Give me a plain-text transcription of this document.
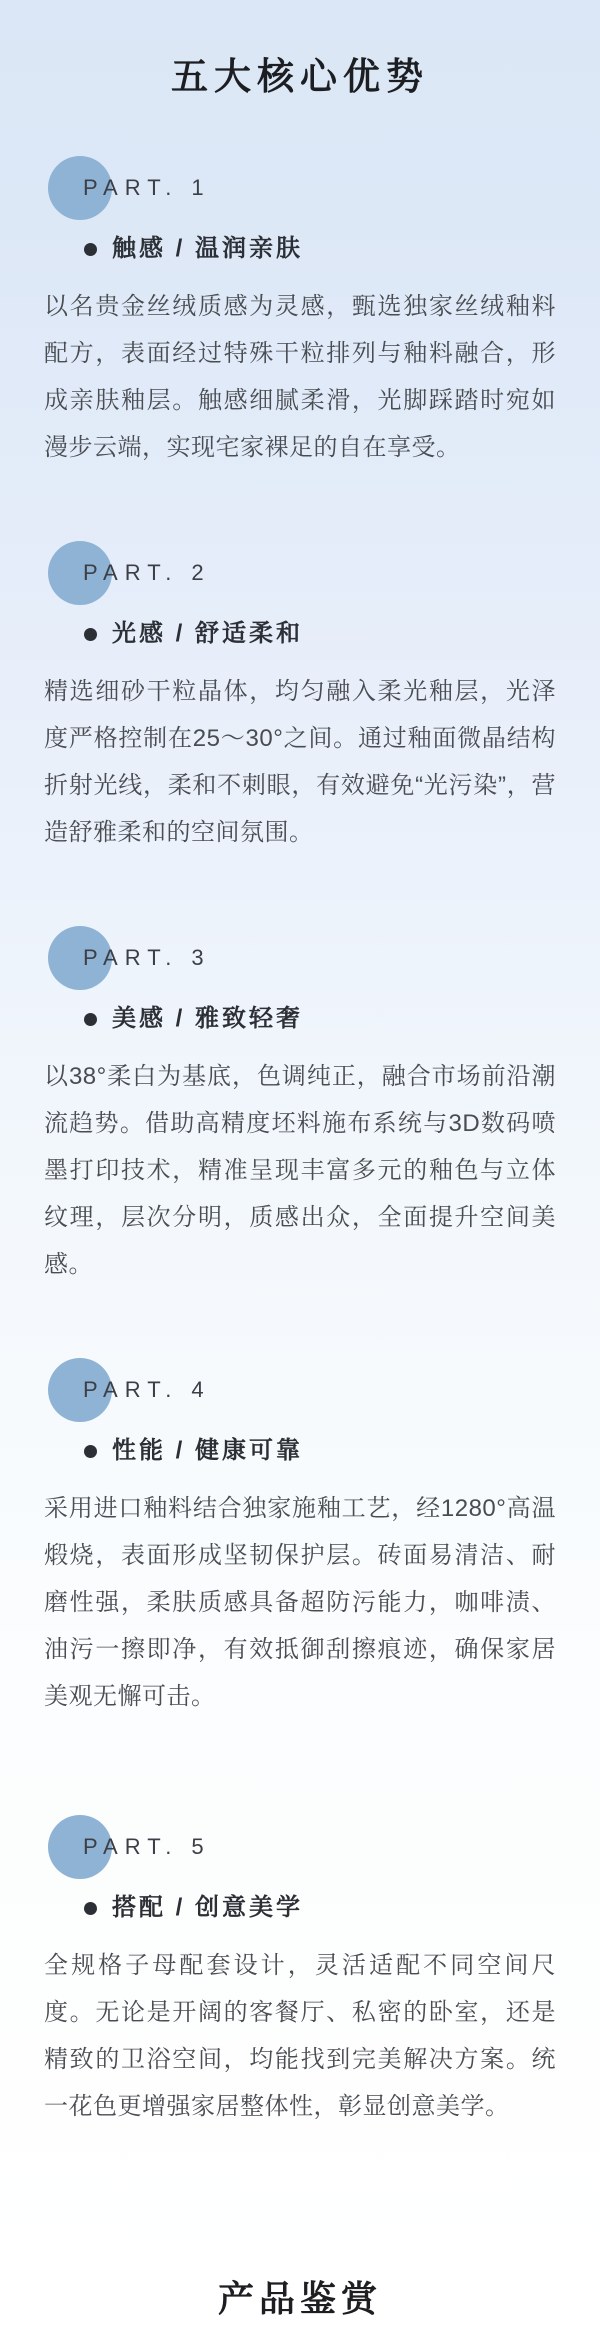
五大核心优势
PART. 1
触感 / 温润亲肤

以名贵金丝绒质感为灵感，甄选独家丝绒釉料配方，表面经过特殊干粒排列与釉料融合，形成亲肤釉层。触感细腻柔滑，光脚踩踏时宛如漫步云端，实现宅家裸足的自在享受。

PART. 2
光感 / 舒适柔和

精选细砂干粒晶体，均匀融入柔光釉层，光泽度严格控制在25～30°之间。通过釉面微晶结构折射光线，柔和不刺眼，有效避免“光污染”，营造舒雅柔和的空间氛围。

PART. 3
美感 / 雅致轻奢

以38°柔白为基底，色调纯正，融合市场前沿潮流趋势。借助高精度坯料施布系统与3D数码喷墨打印技术，精准呈现丰富多元的釉色与立体纹理，层次分明，质感出众，全面提升空间美感。

PART. 4
性能 / 健康可靠

采用进口釉料结合独家施釉工艺，经1280°高温煅烧，表面形成坚韧保护层。砖面易清洁、耐磨性强，柔肤质感具备超防污能力，咖啡渍、油污一擦即净，有效抵御刮擦痕迹，确保家居美观无懈可击。

PART. 5
搭配 / 创意美学

全规格子母配套设计，灵活适配不同空间尺度。无论是开阔的客餐厅、私密的卧室，还是精致的卫浴空间，均能找到完美解决方案。统一花色更增强家居整体性，彰显创意美学。

产品鉴赏
